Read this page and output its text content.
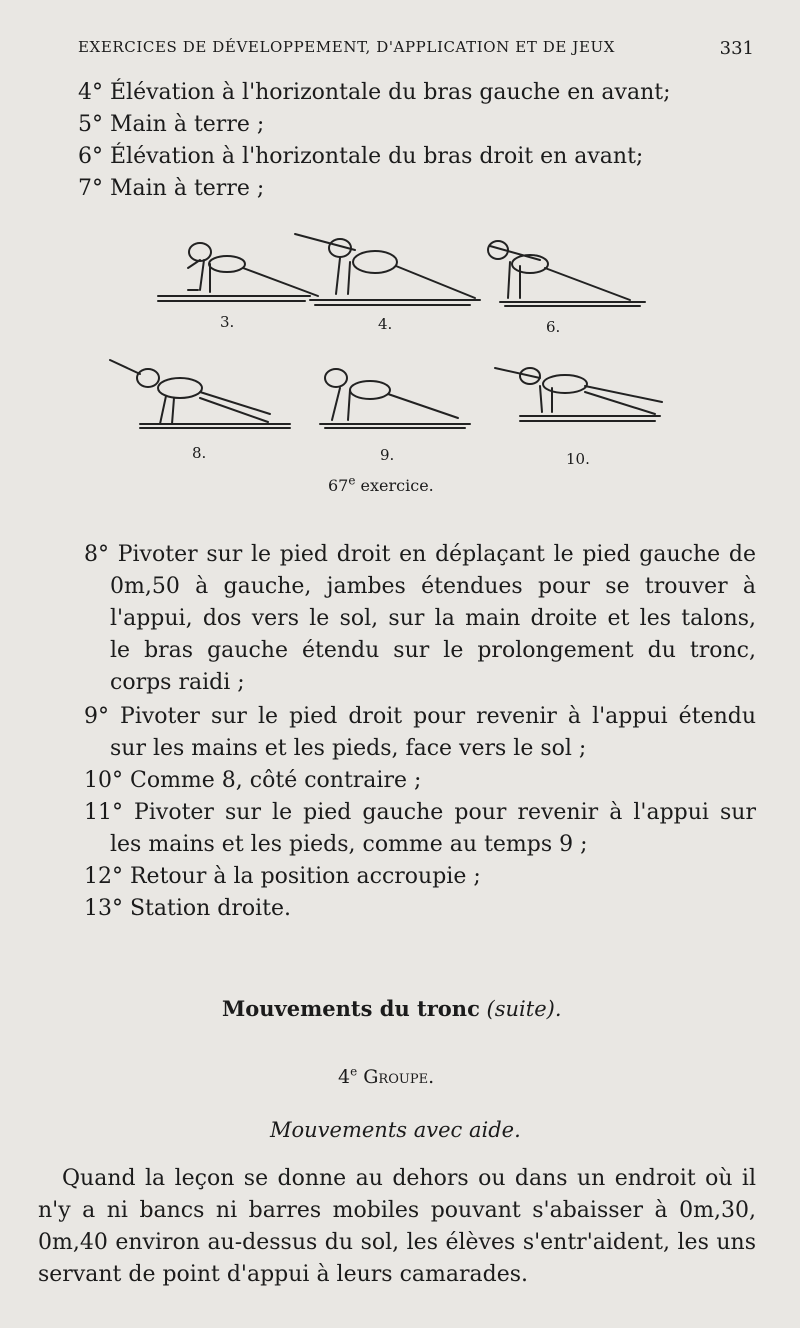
EXERCICES DE DÉVELOPPEMENT, D'APPLICATION ET DE JEUX	331
4° Élévation à l'horizontale du bras gauche en avant;
5° Main à terre ;
6° Élévation à l'horizontale du bras droit en avant;
7° Main à terre ;
3.	4.	6.
8.	9.	10.
67e exercice.
8° Pivoter sur le pied droit en déplaçant le pied gauche de
0m,50 à gauche, jambes étendues pour se trouver à
l'appui, dos vers le sol, sur la main droite et les talons,
le bras gauche étendu sur le prolongement du tronc,
corps raidi ;
9° Pivoter sur le pied droit pour revenir à l'appui étendu
sur les mains et les pieds, face vers le sol ;
10° Comme 8, côté contraire ;
11° Pivoter sur le pied gauche pour revenir à l'appui sur
les mains et les pieds, comme au temps 9 ;
12° Retour à la position accroupie ;
13° Station droite.
Mouvements du tronc (suite).
4e Groupe.
Mouvements avec aide.
Quand la leçon se donne au dehors ou dans un endroit où il
n'y a ni bancs ni barres mobiles pouvant s'abaisser à 0m,30,
0m,40 environ au-dessus du sol, les élèves s'entr'aident, les uns
servant de point d'appui à leurs camarades.
